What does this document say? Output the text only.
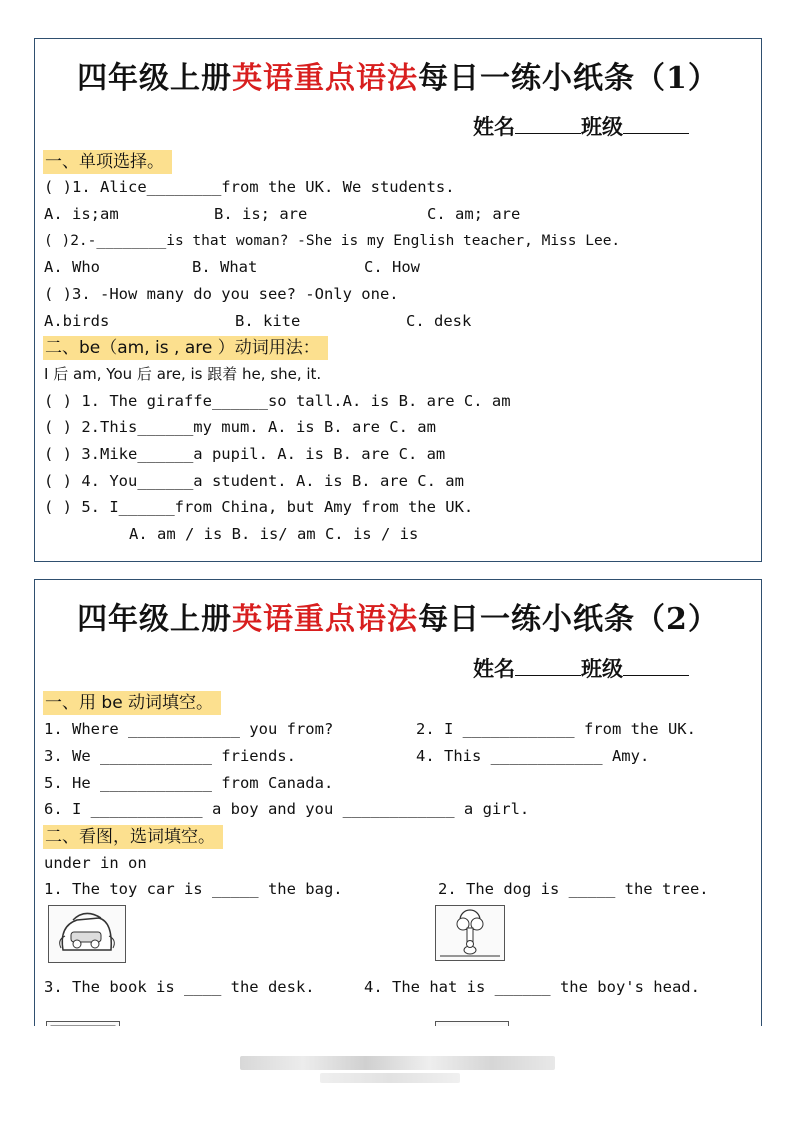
四年级上册英语重点语法每日一练小纸条（1）
姓名	班级
一、单项选择。
( )1. Alice________from the UK. We students.
A. is;am	B. is; are	C. am; are
( )2.-________is that woman? -She is my English teacher, Miss Lee.
A. Who	B. What	C. How
( )3. -How many do you see? -Only one.
A.birds	B. kite	C. desk
二、be（am, is , are ）动词用法：
I 后 am, You 后 are, is 跟着 he, she, it.
( ) 1. The giraffe______so tall.A. is B. are C. am
( ) 2.This______my mum. A. is B. are C. am
( ) 3.Mike______a pupil. A. is B. are C. am
( ) 4. You______a student. A. is B. are C. am
( ) 5. I______from China, but Amy from the UK.
A. am / is B. is/ am C. is / is
四年级上册英语重点语法每日一练小纸条（2）
姓名	班级
一、用 be 动词填空。
1. Where ____________ you from?	2. I ____________ from the UK.
3. We ____________ friends.	4. This ____________ Amy.
5. He ____________ from Canada.
6. I ____________ a boy and you ____________ a girl.
二、看图，选词填空。
under in on
1. The toy car is _____ the bag.	2. The dog is _____ the tree.
3. The book is ____ the desk.	4. The hat is ______ the boy's head.
